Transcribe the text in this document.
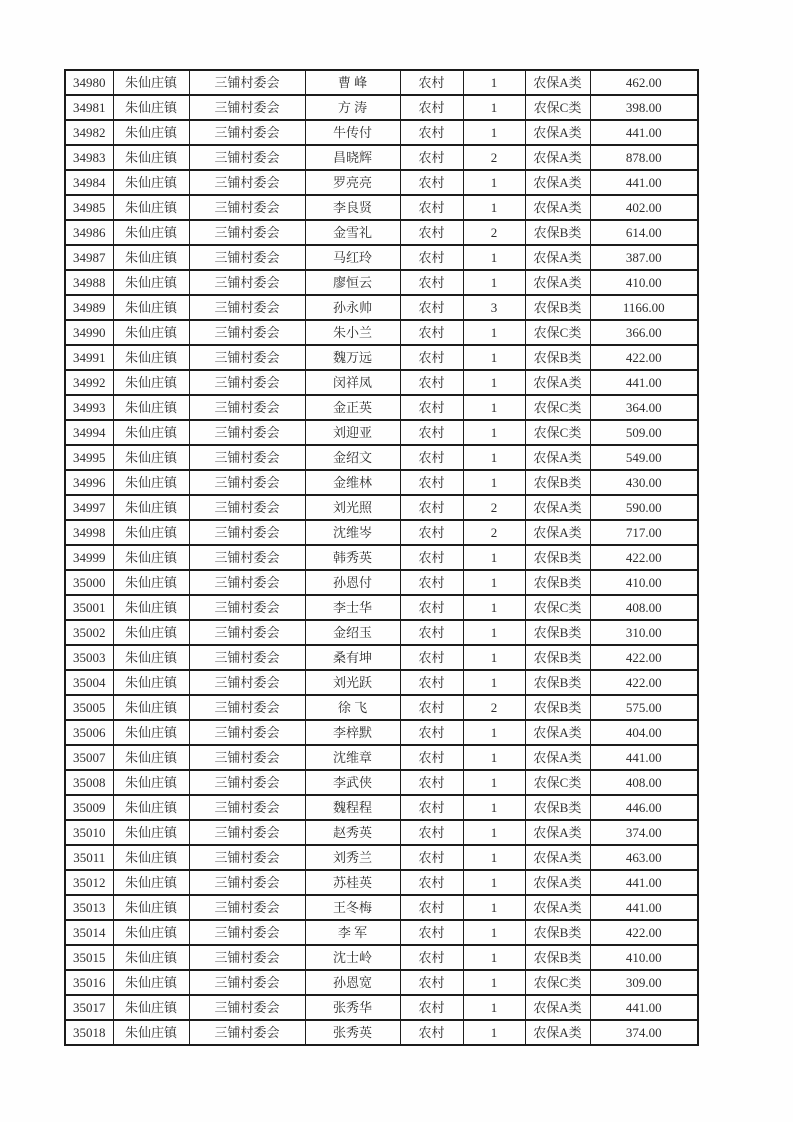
34980	朱仙庄镇	三铺村委会	曹 峰	农村	1	农保A类	462.00
34981	朱仙庄镇	三铺村委会	方 涛	农村	1	农保C类	398.00
34982	朱仙庄镇	三铺村委会	牛传付	农村	1	农保A类	441.00
34983	朱仙庄镇	三铺村委会	昌晓辉	农村	2	农保A类	878.00
34984	朱仙庄镇	三铺村委会	罗亮亮	农村	1	农保A类	441.00
34985	朱仙庄镇	三铺村委会	李良贤	农村	1	农保A类	402.00
34986	朱仙庄镇	三铺村委会	金雪礼	农村	2	农保B类	614.00
34987	朱仙庄镇	三铺村委会	马红玲	农村	1	农保A类	387.00
34988	朱仙庄镇	三铺村委会	廖恒云	农村	1	农保A类	410.00
34989	朱仙庄镇	三铺村委会	孙永帅	农村	3	农保B类	1166.00
34990	朱仙庄镇	三铺村委会	朱小兰	农村	1	农保C类	366.00
34991	朱仙庄镇	三铺村委会	魏万远	农村	1	农保B类	422.00
34992	朱仙庄镇	三铺村委会	闵祥凤	农村	1	农保A类	441.00
34993	朱仙庄镇	三铺村委会	金正英	农村	1	农保C类	364.00
34994	朱仙庄镇	三铺村委会	刘迎亚	农村	1	农保C类	509.00
34995	朱仙庄镇	三铺村委会	金绍文	农村	1	农保A类	549.00
34996	朱仙庄镇	三铺村委会	金维林	农村	1	农保B类	430.00
34997	朱仙庄镇	三铺村委会	刘光照	农村	2	农保A类	590.00
34998	朱仙庄镇	三铺村委会	沈维岑	农村	2	农保A类	717.00
34999	朱仙庄镇	三铺村委会	韩秀英	农村	1	农保B类	422.00
35000	朱仙庄镇	三铺村委会	孙恩付	农村	1	农保B类	410.00
35001	朱仙庄镇	三铺村委会	李士华	农村	1	农保C类	408.00
35002	朱仙庄镇	三铺村委会	金绍玉	农村	1	农保B类	310.00
35003	朱仙庄镇	三铺村委会	桑有坤	农村	1	农保B类	422.00
35004	朱仙庄镇	三铺村委会	刘光跃	农村	1	农保B类	422.00
35005	朱仙庄镇	三铺村委会	徐 飞	农村	2	农保B类	575.00
35006	朱仙庄镇	三铺村委会	李梓默	农村	1	农保A类	404.00
35007	朱仙庄镇	三铺村委会	沈维章	农村	1	农保A类	441.00
35008	朱仙庄镇	三铺村委会	李武侠	农村	1	农保C类	408.00
35009	朱仙庄镇	三铺村委会	魏程程	农村	1	农保B类	446.00
35010	朱仙庄镇	三铺村委会	赵秀英	农村	1	农保A类	374.00
35011	朱仙庄镇	三铺村委会	刘秀兰	农村	1	农保A类	463.00
35012	朱仙庄镇	三铺村委会	苏桂英	农村	1	农保A类	441.00
35013	朱仙庄镇	三铺村委会	王冬梅	农村	1	农保A类	441.00
35014	朱仙庄镇	三铺村委会	李 军	农村	1	农保B类	422.00
35015	朱仙庄镇	三铺村委会	沈士岭	农村	1	农保B类	410.00
35016	朱仙庄镇	三铺村委会	孙恩宽	农村	1	农保C类	309.00
35017	朱仙庄镇	三铺村委会	张秀华	农村	1	农保A类	441.00
35018	朱仙庄镇	三铺村委会	张秀英	农村	1	农保A类	374.00
